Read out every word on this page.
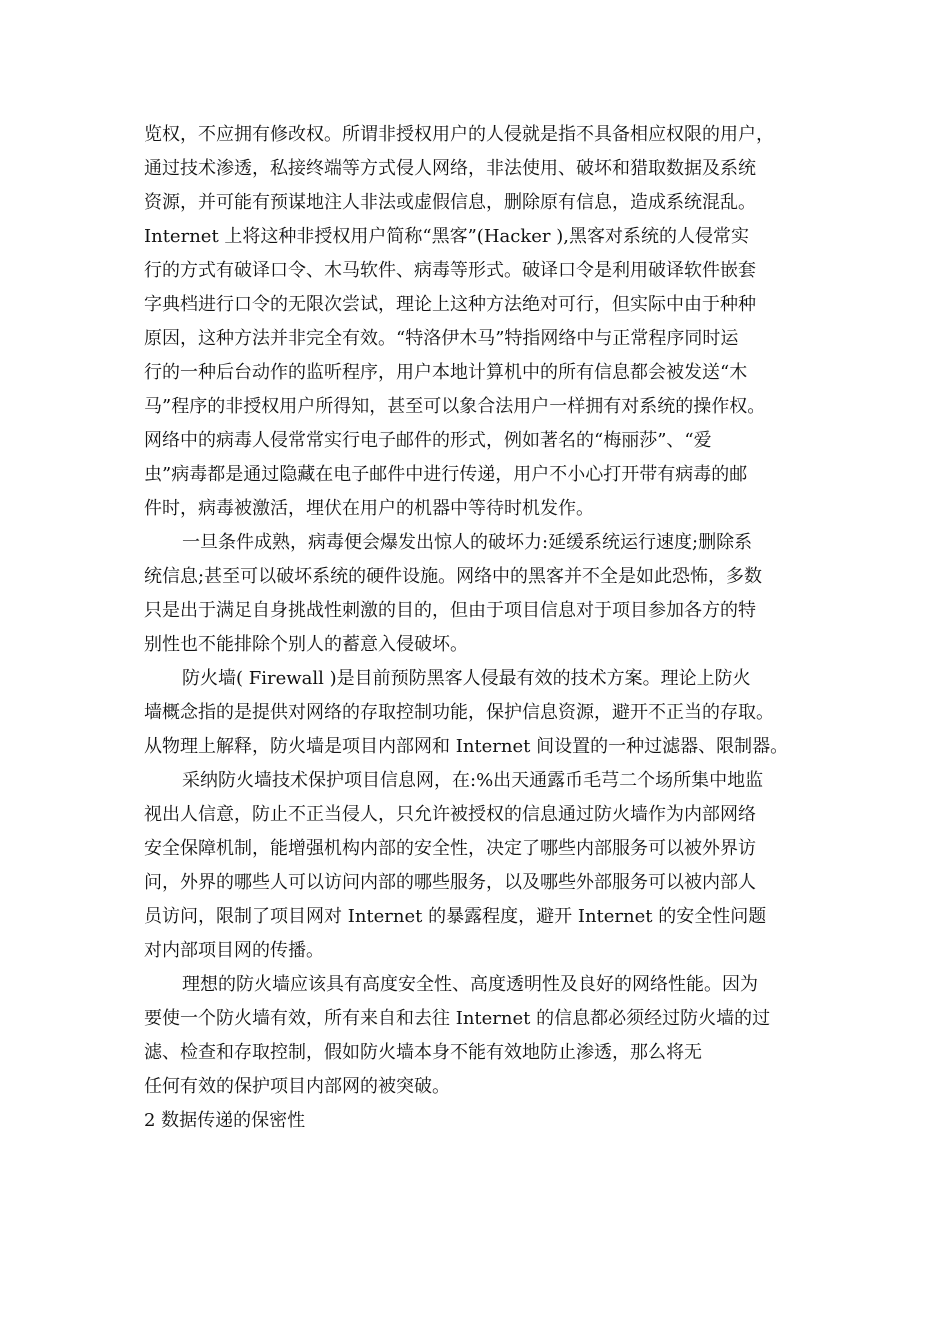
览权，不应拥有修改权。所谓非授权用户的人侵就是指不具备相应权限的用户，
通过技术渗透，私接终端等方式侵人网络，非法使用、破坏和猎取数据及系统
资源，并可能有预谋地注人非法或虚假信息，删除原有信息，造成系统混乱。
Internet 上将这种非授权用户简称“黑客”(Hacker ),黑客对系统的人侵常实
行的方式有破译口令、木马软件、病毒等形式。破译口令是利用破译软件嵌套
字典档进行口令的无限次尝试，理论上这种方法绝对可行，但实际中由于种种
原因，这种方法并非完全有效。“特洛伊木马”特指网络中与正常程序同时运
行的一种后台动作的监听程序，用户本地计算机中的所有信息都会被发送“木
马”程序的非授权用户所得知，甚至可以象合法用户一样拥有对系统的操作权。
网络中的病毒人侵常常实行电子邮件的形式，例如著名的“梅丽莎”、“爱
虫”病毒都是通过隐藏在电子邮件中进行传递，用户不小心打开带有病毒的邮
件时，病毒被激活，埋伏在用户的机器中等待时机发作。
一旦条件成熟，病毒便会爆发出惊人的破坏力:延缓系统运行速度;删除系
统信息;甚至可以破坏系统的硬件设施。网络中的黑客并不全是如此恐怖，多数
只是出于满足自身挑战性刺激的目的，但由于项目信息对于项目参加各方的特
别性也不能排除个别人的蓄意入侵破坏。
防火墙( Firewall )是目前预防黑客人侵最有效的技术方案。理论上防火
墙概念指的是提供对网络的存取控制功能，保护信息资源，避开不正当的存取。
从物理上解释，防火墙是项目内部网和 Internet 间设置的一种过滤器、限制器。
采纳防火墙技术保护项目信息网，在:%出天通露币毛芎二个场所集中地监
视出人信意，防止不正当侵人，只允许被授权的信息通过防火墙作为内部网络
安全保障机制，能增强机构内部的安全性，决定了哪些内部服务可以被外界访
问，外界的哪些人可以访问内部的哪些服务，以及哪些外部服务可以被内部人
员访问，限制了项目网对 Internet 的暴露程度，避开 Internet 的安全性问题
对内部项目网的传播。
理想的防火墙应该具有高度安全性、高度透明性及良好的网络性能。因为
要使一个防火墙有效，所有来自和去往 Internet 的信息都必须经过防火墙的过
滤、检查和存取控制，假如防火墙本身不能有效地防止渗透，那么将无
任何有效的保护项目内部网的被突破。
2 数据传递的保密性
